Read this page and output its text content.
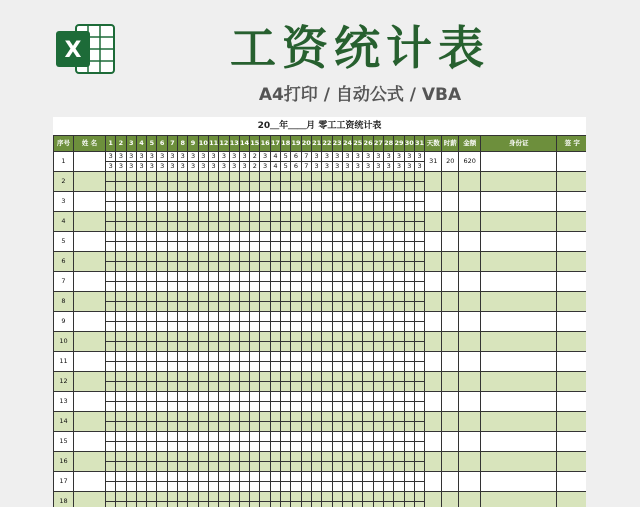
X	工资统计表
A4打印 / 自动公式 / VBA
20＿年＿＿月 零工工资统计表
序号	姓 名	1	2	3	4	5	6	7	8	9	10	11	12	13	14	15	16	17	18	19	20	21	22	23	24	25	26	27	28	29	30	31	天数	时薪	金额	身份证	签 字
1		3	3	3	3	3	3	3	3	3	3	3	3	3	3	2	3	4	5	6	7	3	3	3	3	3	3	3	3	3	3	3	31	20	620		
		3	3	3	3	3	3	3	3	3	3	3	3	3	3	2	3	4	5	6	7	3	3	3	3	3	3	3	3	3	3	3					
2																																					

3																																					

4																																					

5																																					

6																																					

7																																					

8																																					

9																																					

10																																					

11																																					

12																																					

13																																					

14																																					

15																																					

16																																					

17																																					

18																																					
